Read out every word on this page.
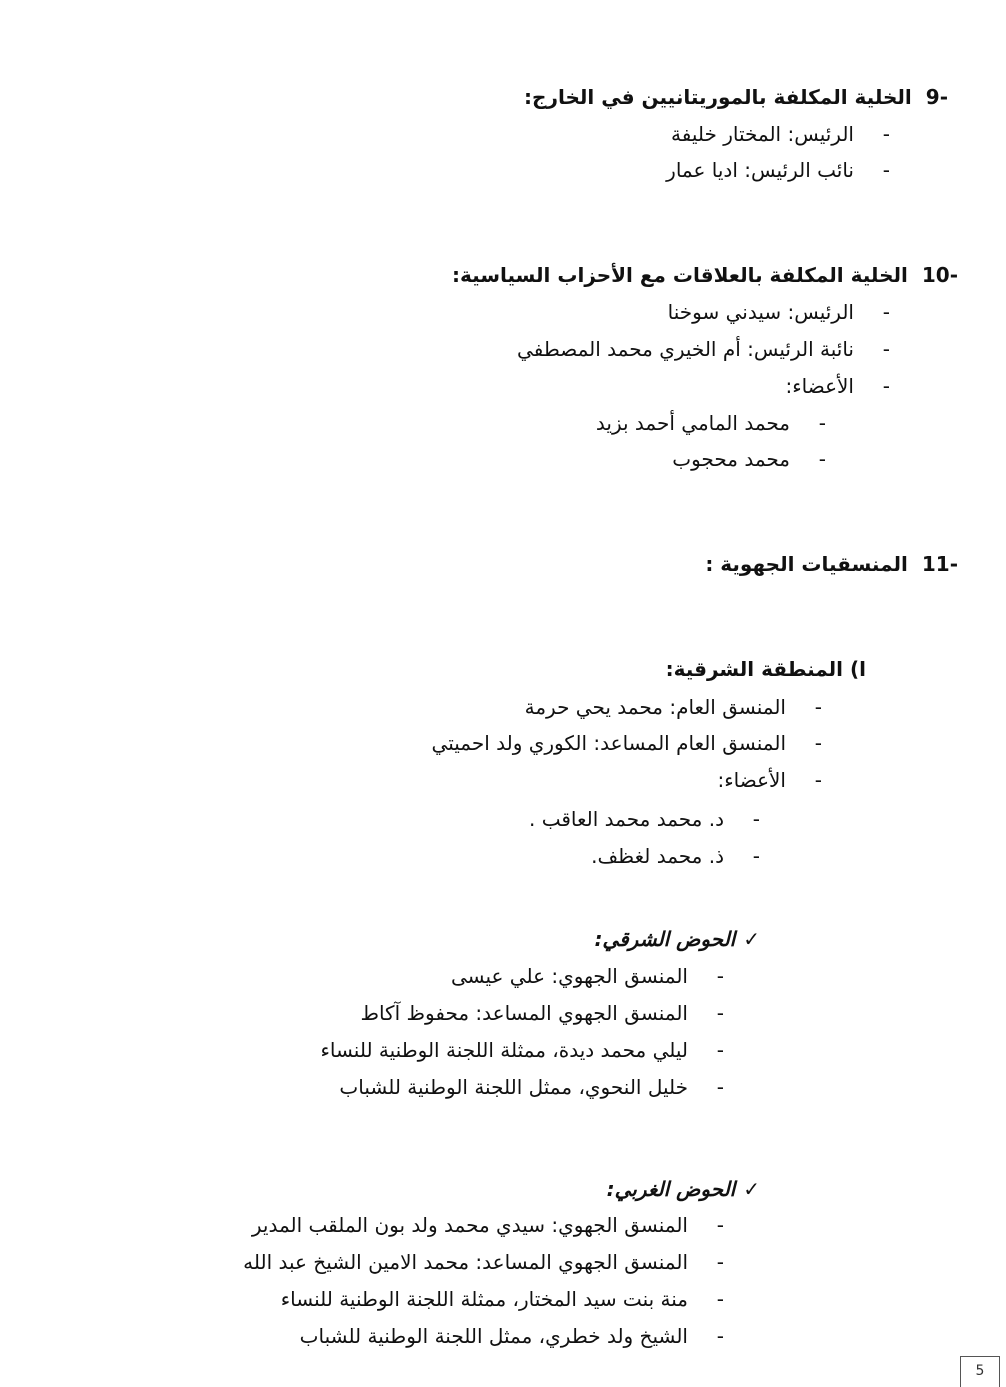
9-الخلية المكلفة بالموريتانيين في الخارج:
-الرئيس: المختار خليفة
-نائب الرئيس: اديا عمار
10-الخلية المكلفة بالعلاقات مع الأحزاب السياسية:
-الرئيس: سيدني سوخنا
-نائبة الرئيس: أم الخيري محمد المصطفي
-الأعضاء:
-محمد المامي أحمد بزيد
-محمد محجوب
11-المنسقيات الجهوية :
ا) المنطقة الشرقية:
-المنسق العام: محمد يحي حرمة
-المنسق العام المساعد: الكوري ولد احميتي
-الأعضاء:
-د. محمد محمد العاقب .
-ذ. محمد لغظف.
✓الحوض الشرقي:
-المنسق الجهوي: علي عيسى
-المنسق الجهوي المساعد: محفوظ آكاط
-ليلي محمد ديدة، ممثلة اللجنة الوطنية للنساء
-خليل النحوي، ممثل اللجنة الوطنية للشباب
✓الحوض الغربي:
-المنسق الجهوي: سيدي محمد ولد بون الملقب المدير
-المنسق الجهوي المساعد: محمد الامين الشيخ عبد الله
-منة بنت سيد المختار، ممثلة اللجنة الوطنية للنساء
-الشيخ ولد خطري، ممثل اللجنة الوطنية للشباب
5
